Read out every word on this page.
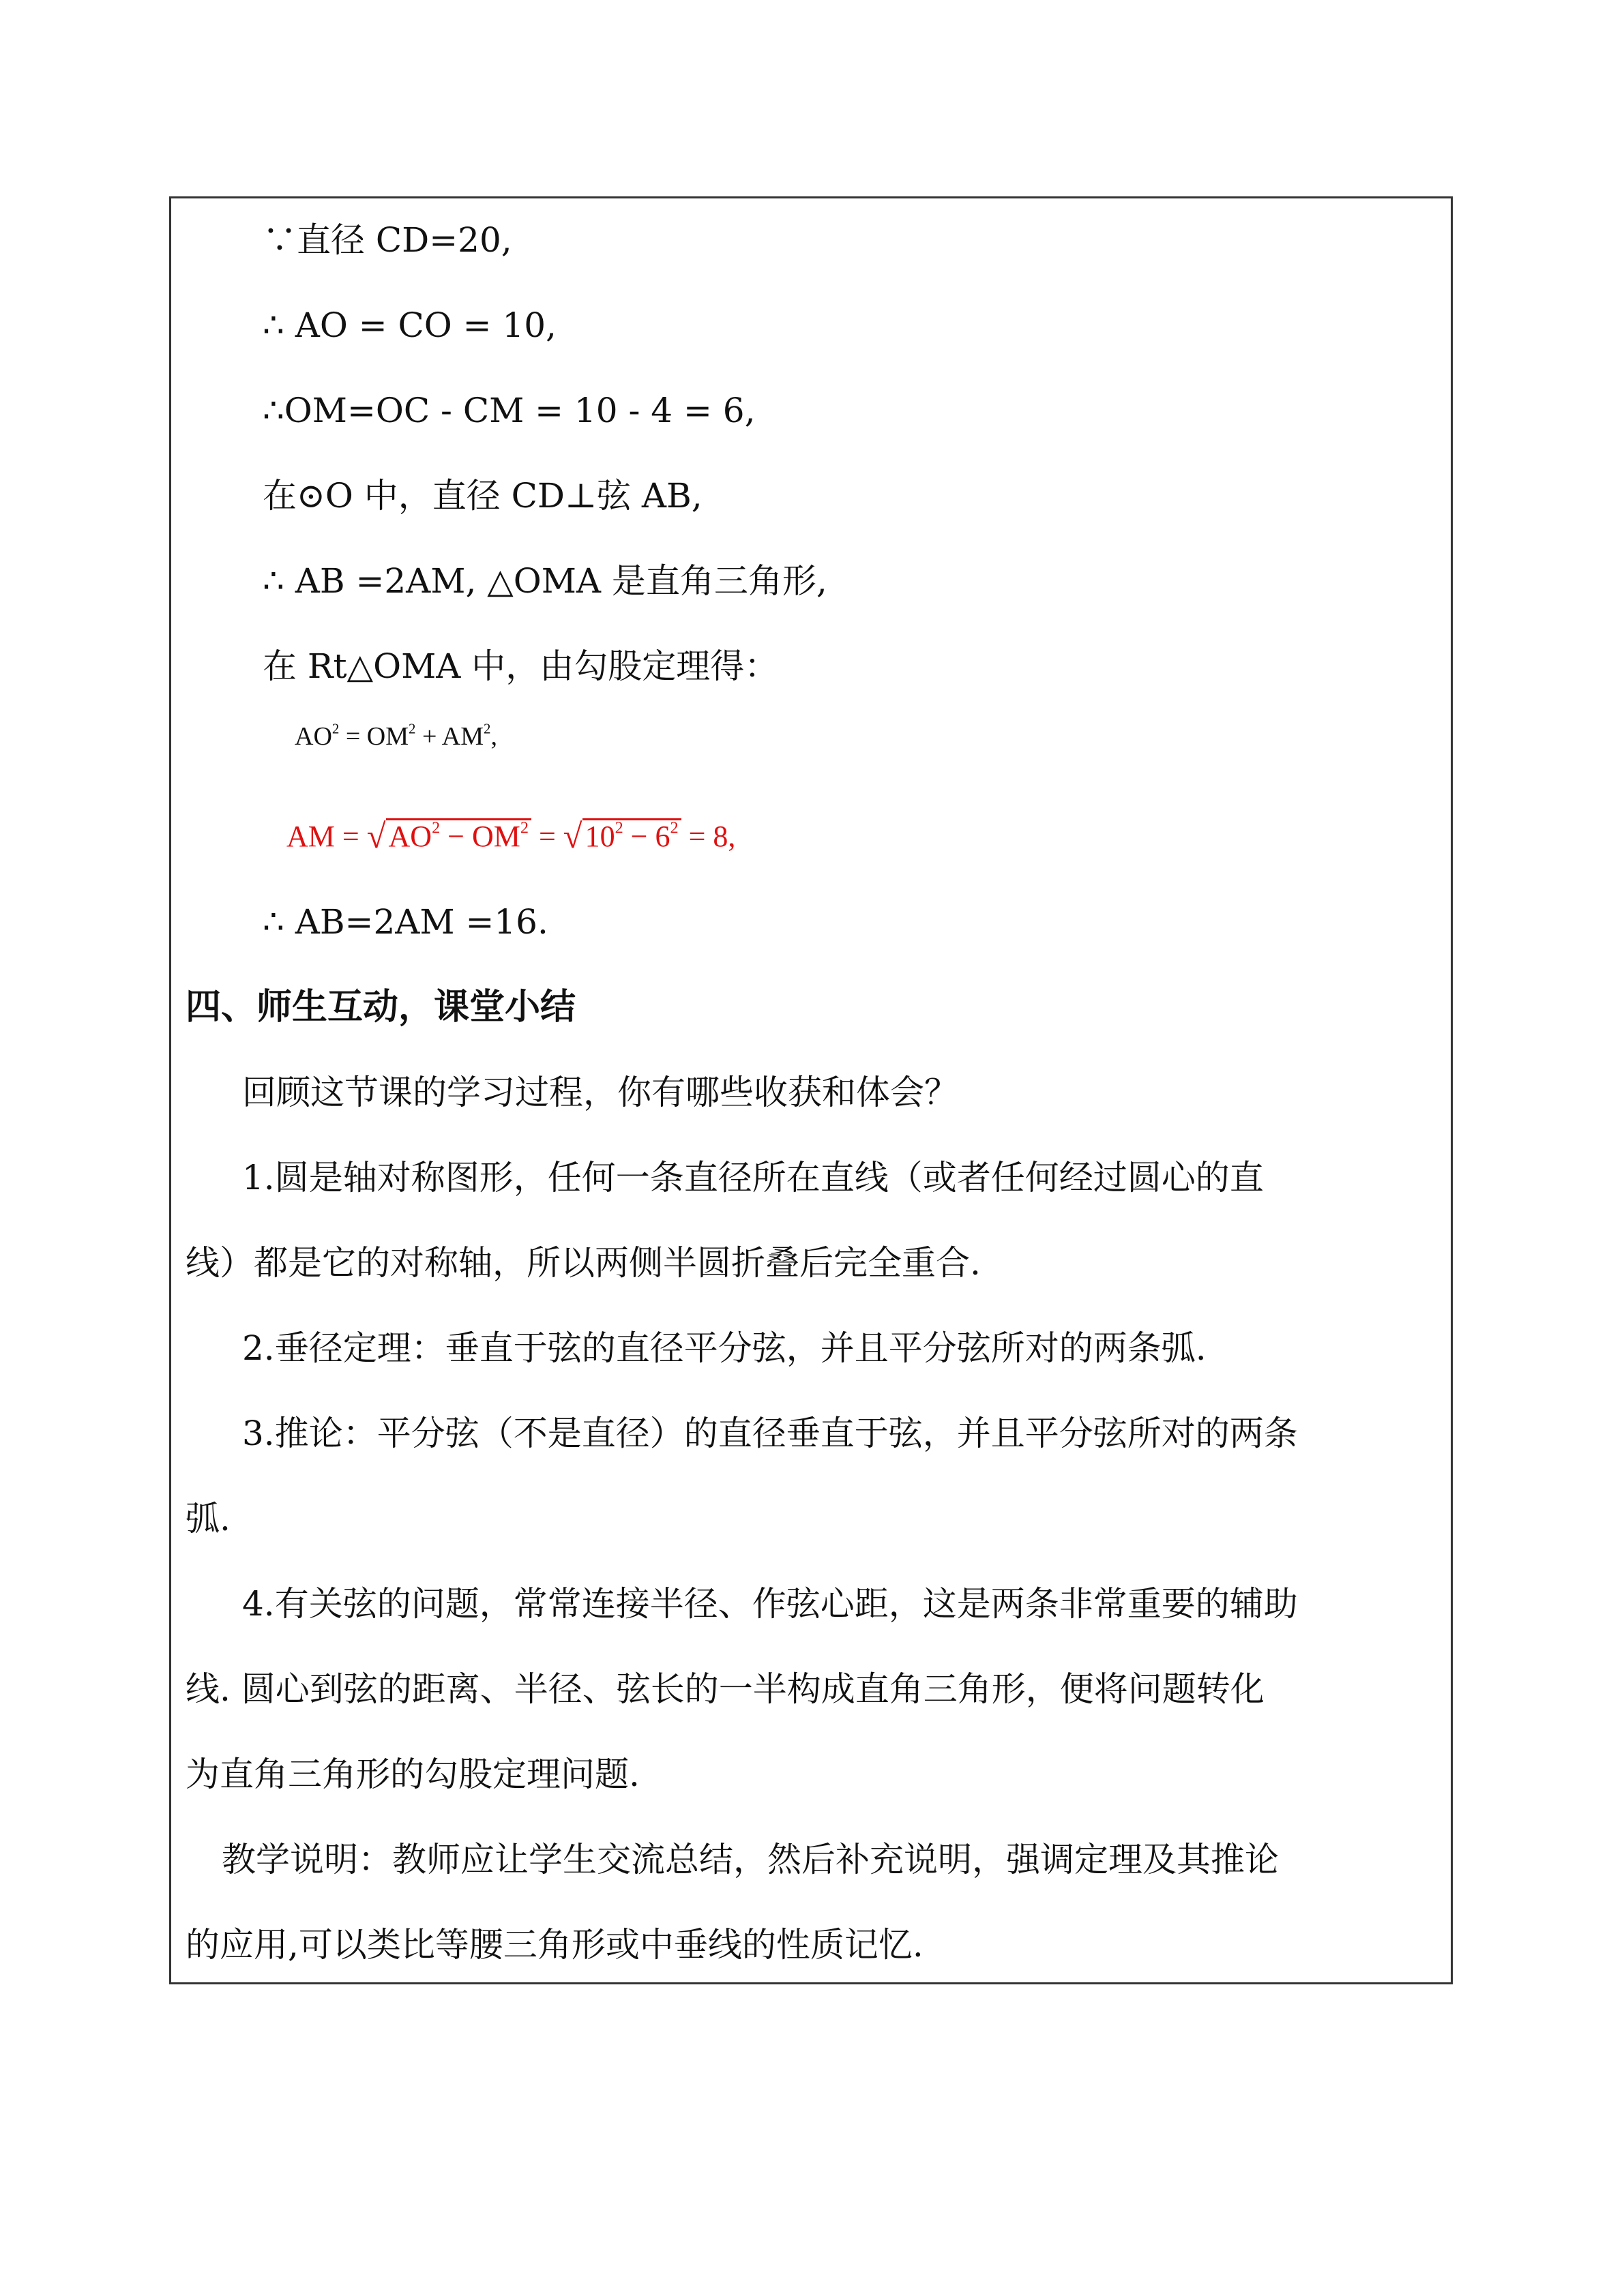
∵直径 CD=20,
∴ AO = CO = 10,
∴OM=OC - CM = 10 - 4 = 6,
在⊙O 中，直径 CD⊥弦 AB,
∴ AB =2AM, △OMA 是直角三角形,
在 Rt△OMA 中，由勾股定理得：
$AO^2 = OM^2 + AM^2$,
AM = $√AO^2 - OM^2 = √10^2 - 6^2 = 8$,
∴ AB=2AM =16.
四、师生互动，课堂小结
回顾这节课的学习过程，你有哪些收获和体会？
1.圆是轴对称图形，任何一条直径所在直线（或者任何经过圆心的直
线）都是它的对称轴，所以两侧半圆折叠后完全重合.
2.垂径定理：垂直于弦的直径平分弦，并且平分弦所对的两条弧.
3.推论：平分弦（不是直径）的直径垂直于弦，并且平分弦所对的两条
弧.
4.有关弦的问题，常常连接半径、作弦心距，这是两条非常重要的辅助
线. 圆心到弦的距离、半径、弦长的一半构成直角三角形，便将问题转化
为直角三角形的勾股定理问题.
教学说明：教师应让学生交流总结，然后补充说明，强调定理及其推论
的应用,可以类比等腰三角形或中垂线的性质记忆.
